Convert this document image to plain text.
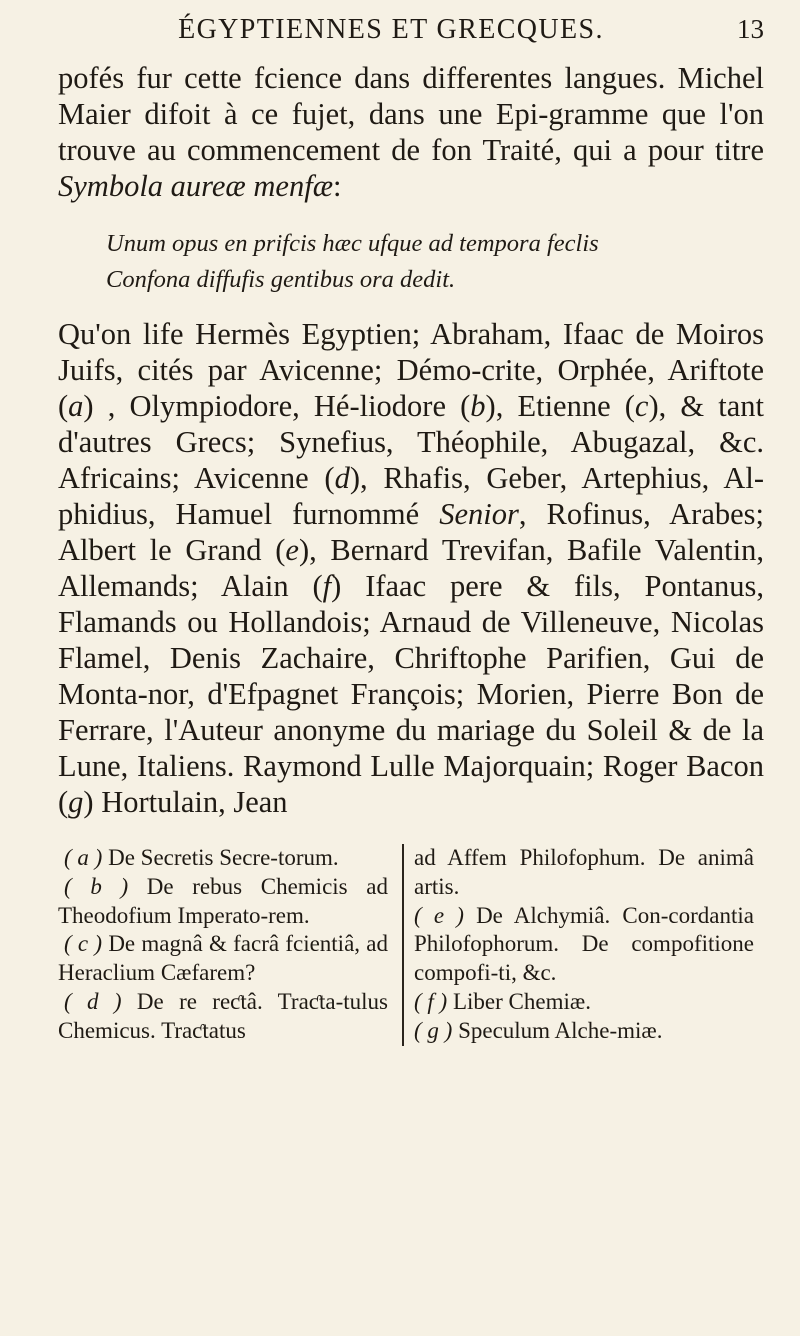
ÉGYPTIENNES ET GRECQUES.	13

pofés fur cette fcience dans differentes langues. Michel Maier difoit à ce fujet, dans une Epi-gramme que l'on trouve au commencement de fon Traité, qui a pour titre Symbola aureæ menfæ:

Unum opus en prifcis hæc ufque ad tempora feclis
Confona diffufis gentibus ora dedit.

Qu'on life Hermès Egyptien; Abraham, Ifaac de Moiros Juifs, cités par Avicenne; Démo-crite, Orphée, Ariftote (a) , Olympiodore, Hé-liodore (b), Etienne (c), & tant d'autres Grecs; Synefius, Théophile, Abugazal, &c. Africains; Avicenne (d), Rhafis, Geber, Artephius, Al-phidius, Hamuel furnommé Senior, Rofinus, Arabes; Albert le Grand (e), Bernard Trevifan, Bafile Valentin, Allemands; Alain (f) Ifaac pere & fils, Pontanus, Flamands ou Hollandois; Arnaud de Villeneuve, Nicolas Flamel, Denis Zachaire, Chriftophe Parifien, Gui de Monta-nor, d'Efpagnet François; Morien, Pierre Bon de Ferrare, l'Auteur anonyme du mariage du Soleil & de la Lune, Italiens. Raymond Lulle Majorquain; Roger Bacon (g) Hortulain, Jean

( a ) De Secretis Secre-torum.

( b ) De rebus Chemicis ad Theodofium Imperato-rem.

( c ) De magnâ & facrâ fcientiâ, ad Heraclium Cæfarem?

( d ) De re reƈtâ. Traƈta-tulus Chemicus. Traƈtatus

ad Affem Philofophum. De animâ artis.

( e ) De Alchymiâ. Con-cordantia Philofophorum. De compofitione compofi-ti, &c.

( f ) Liber Chemiæ.

( g ) Speculum Alche-miæ.
